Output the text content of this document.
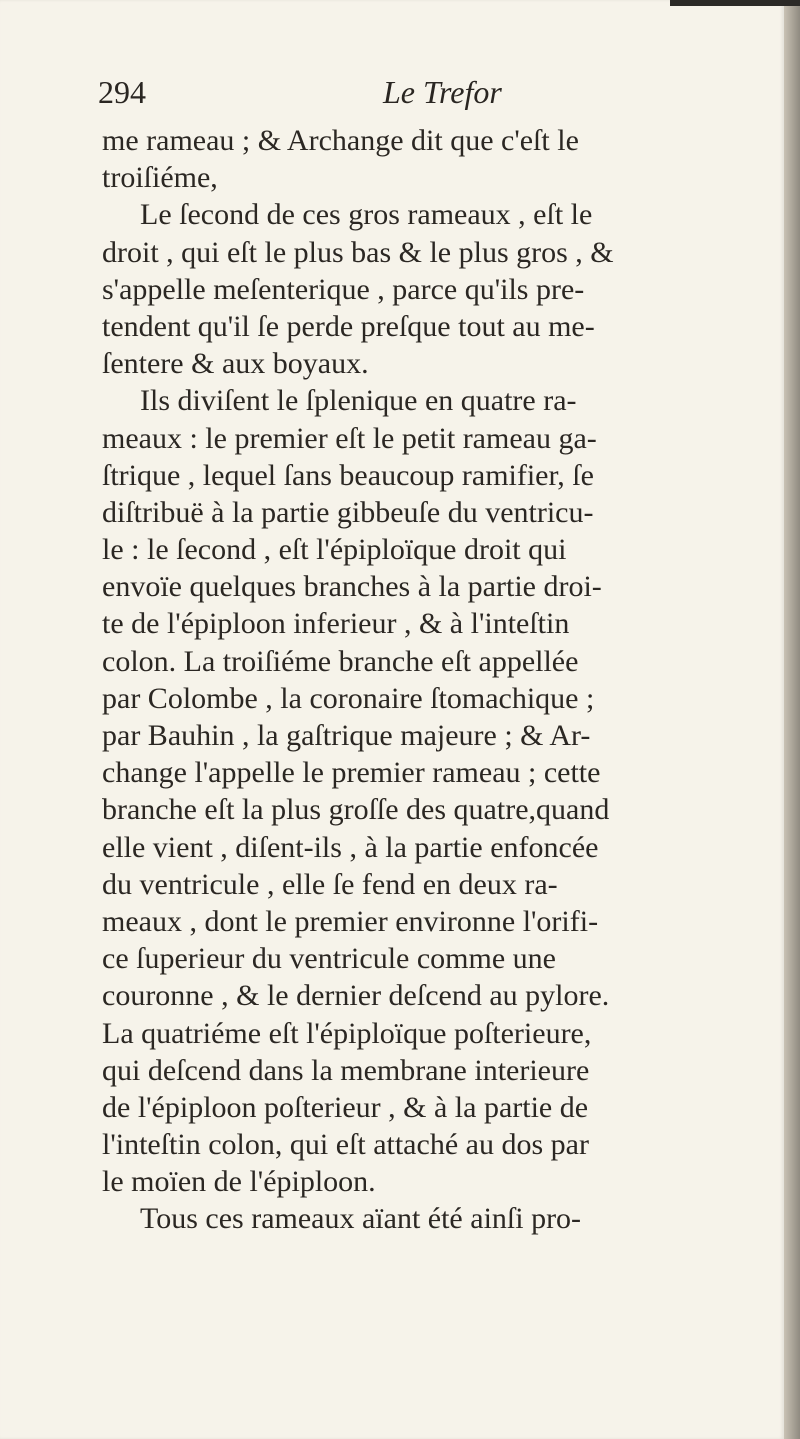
294	Le Trefor
me rameau ; & Archange dit que c'eſt le
troiſiéme,
Le ſecond de ces gros rameaux , eſt le
droit , qui eſt le plus bas & le plus gros , &
s'appelle meſenterique , parce qu'ils pre-
tendent qu'il ſe perde preſque tout au me-
ſentere & aux boyaux.
Ils diviſent le ſplenique en quatre ra-
meaux : le premier eſt le petit rameau ga-
ſtrique , lequel ſans beaucoup ramifier, ſe
diſtribuë à la partie gibbeuſe du ventricu-
le : le ſecond , eſt l'épiploïque droit qui
envoïe quelques branches à la partie droi-
te de l'épiploon inferieur , & à l'inteſtin
colon. La troiſiéme branche eſt appellée
par Colombe , la coronaire ſtomachique ;
par Bauhin , la gaſtrique majeure ; & Ar-
change l'appelle le premier rameau ; cette
branche eſt la plus groſſe des quatre,quand
elle vient , diſent-ils , à la partie enfoncée
du ventricule , elle ſe fend en deux ra-
meaux , dont le premier environne l'orifi-
ce ſuperieur du ventricule comme une
couronne , & le dernier deſcend au pylore.
La quatriéme eſt l'épiploïque poſterieure,
qui deſcend dans la membrane interieure
de l'épiploon poſterieur , & à la partie de
l'inteſtin colon, qui eſt attaché au dos par
le moïen de l'épiploon.
Tous ces rameaux aïant été ainſi pro-
